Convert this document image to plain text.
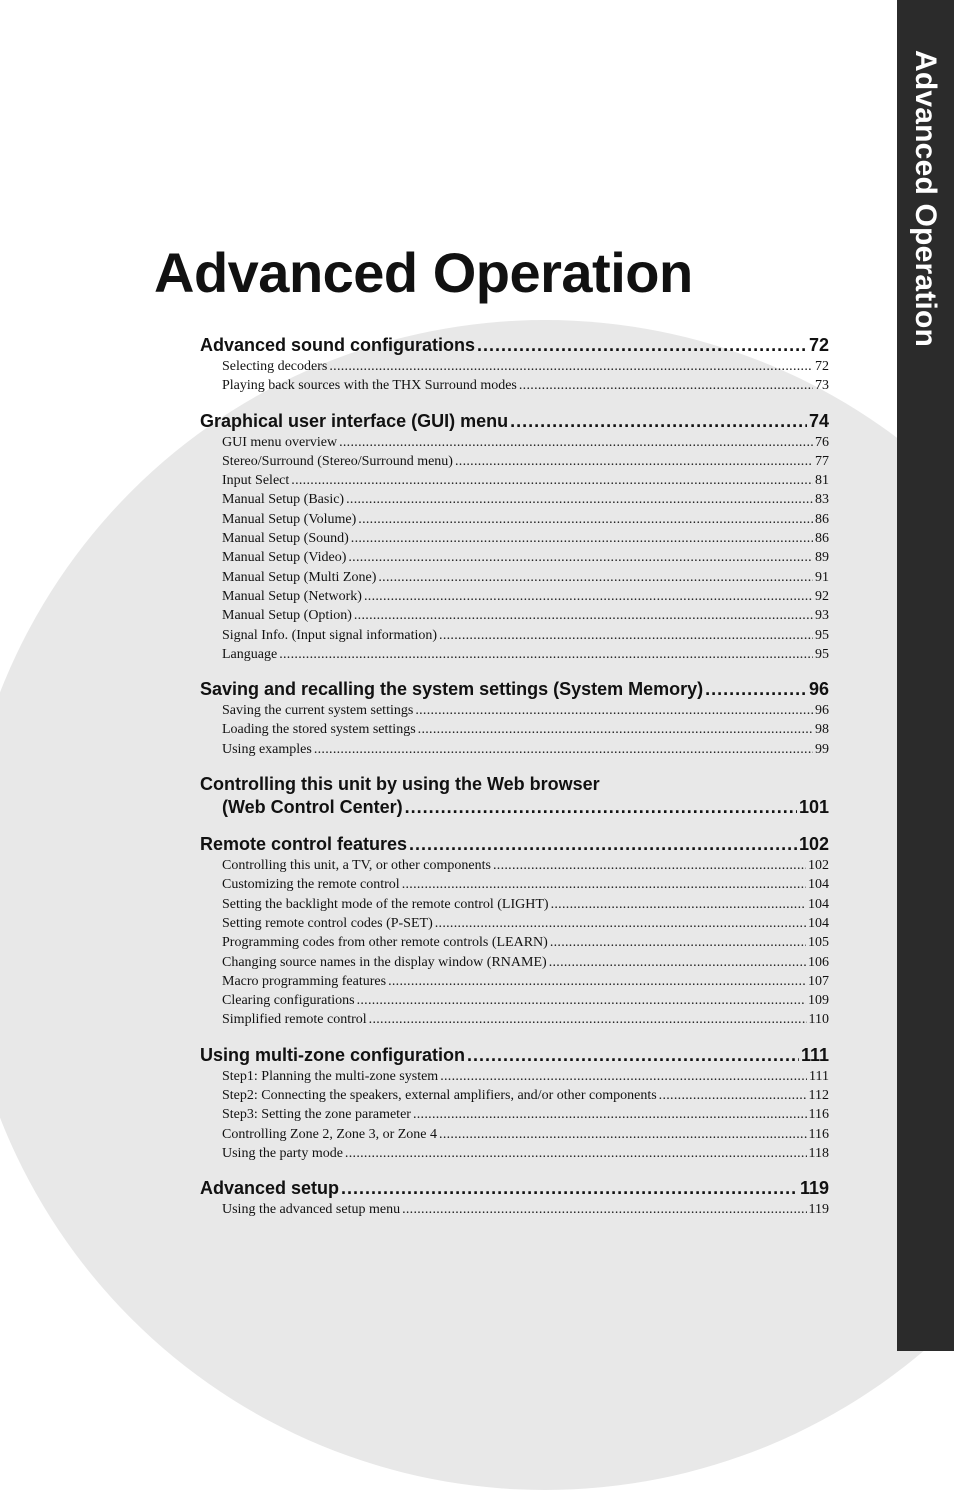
Advanced Operation
Advanced Operation
Advanced sound configurations .....	72
Selecting decoders .....	72
Playing back sources with the THX Surround modes .....	73
Graphical user interface (GUI) menu .....	74
GUI menu overview .....	76
Stereo/Surround (Stereo/Surround menu) .....	77
Input Select .....	81
Manual Setup (Basic) .....	83
Manual Setup (Volume) .....	86
Manual Setup (Sound) .....	86
Manual Setup (Video) .....	89
Manual Setup (Multi Zone) .....	91
Manual Setup (Network) .....	92
Manual Setup (Option) .....	93
Signal Info. (Input signal information) .....	95
Language .....	95
Saving and recalling the system settings (System Memory) .....	96
Saving the current system settings .....	96
Loading the stored system settings .....	98
Using examples .....	99
Controlling this unit by using the Web browser
(Web Control Center) .....	101
Remote control features .....	102
Controlling this unit, a TV, or other components .....	102
Customizing the remote control .....	104
Setting the backlight mode of the remote control (LIGHT) .....	104
Setting remote control codes (P-SET) .....	104
Programming codes from other remote controls (LEARN) .....	105
Changing source names in the display window (RNAME) .....	106
Macro programming features .....	107
Clearing configurations .....	109
Simplified remote control .....	110
Using multi-zone configuration .....	111
Step1: Planning the multi-zone system .....	111
Step2: Connecting the speakers, external amplifiers, and/or other components .....	112
Step3: Setting the zone parameter .....	116
Controlling Zone 2, Zone 3, or Zone 4 .....	116
Using the party mode .....	118
Advanced setup .....	119
Using the advanced setup menu .....	119
